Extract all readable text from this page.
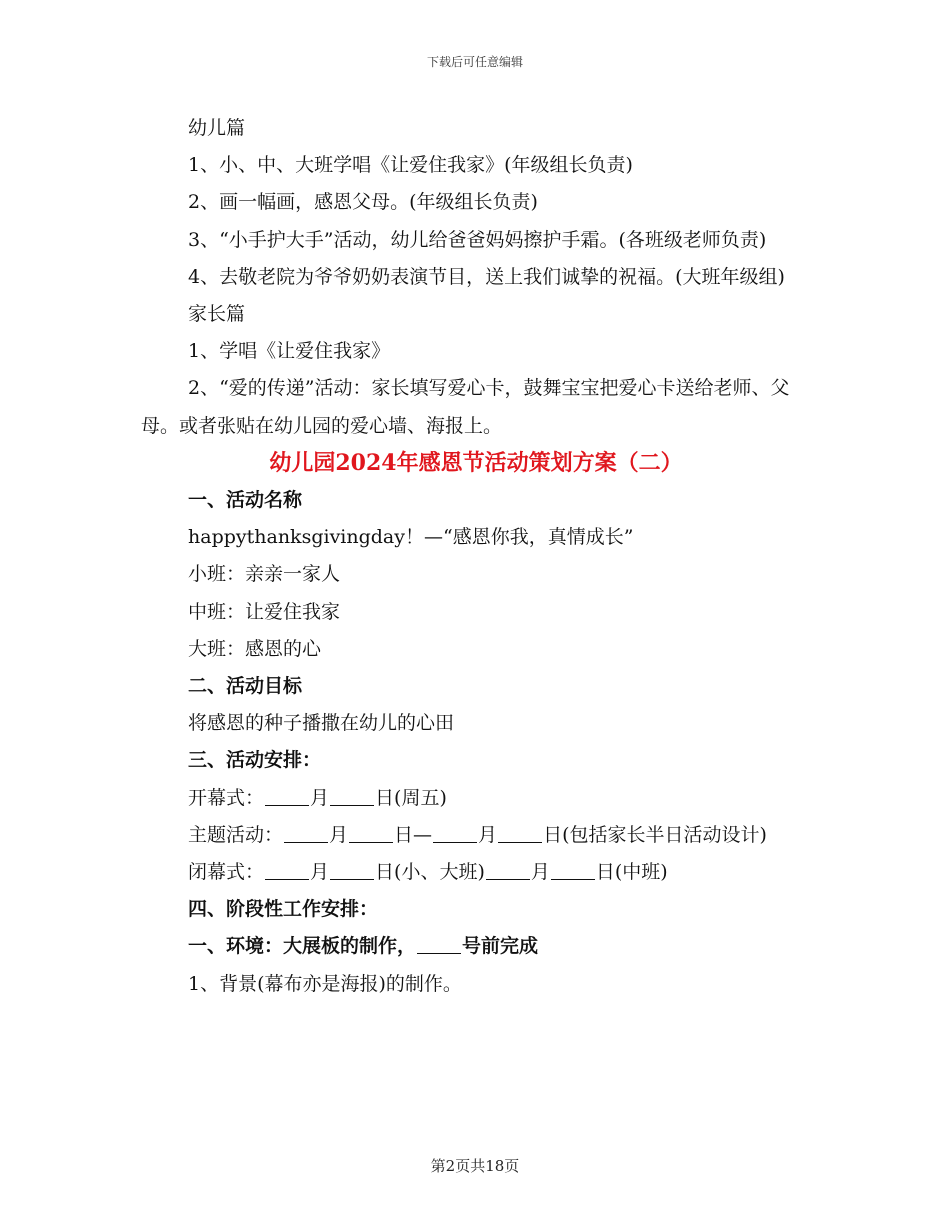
下载后可任意编辑

幼儿篇

1、小、中、大班学唱《让爱住我家》(年级组长负责)

2、画一幅画，感恩父母。(年级组长负责)

3、“小手护大手”活动，幼儿给爸爸妈妈擦护手霜。(各班级老师负责)

4、去敬老院为爷爷奶奶表演节目，送上我们诚挚的祝福。(大班年级组)

家长篇

1、学唱《让爱住我家》

2、“爱的传递”活动：家长填写爱心卡，鼓舞宝宝把爱心卡送给老师、父母。或者张贴在幼儿园的爱心墙、海报上。

幼儿园2024年感恩节活动策划方案（二）

一、活动名称

happythanksgivingday！—“感恩你我，真情成长”

小班：亲亲一家人

中班：让爱住我家

大班：感恩的心

二、活动目标

将感恩的种子播撒在幼儿的心田

三、活动安排：

开幕式： 月 日(周五)

主题活动： 月 日— 月 日(包括家长半日活动设计)

闭幕式： 月 日(小、大班) 月 日(中班)

四、阶段性工作安排：

一、环境：大展板的制作， 号前完成

1、背景(幕布亦是海报)的制作。

第2页共18页
